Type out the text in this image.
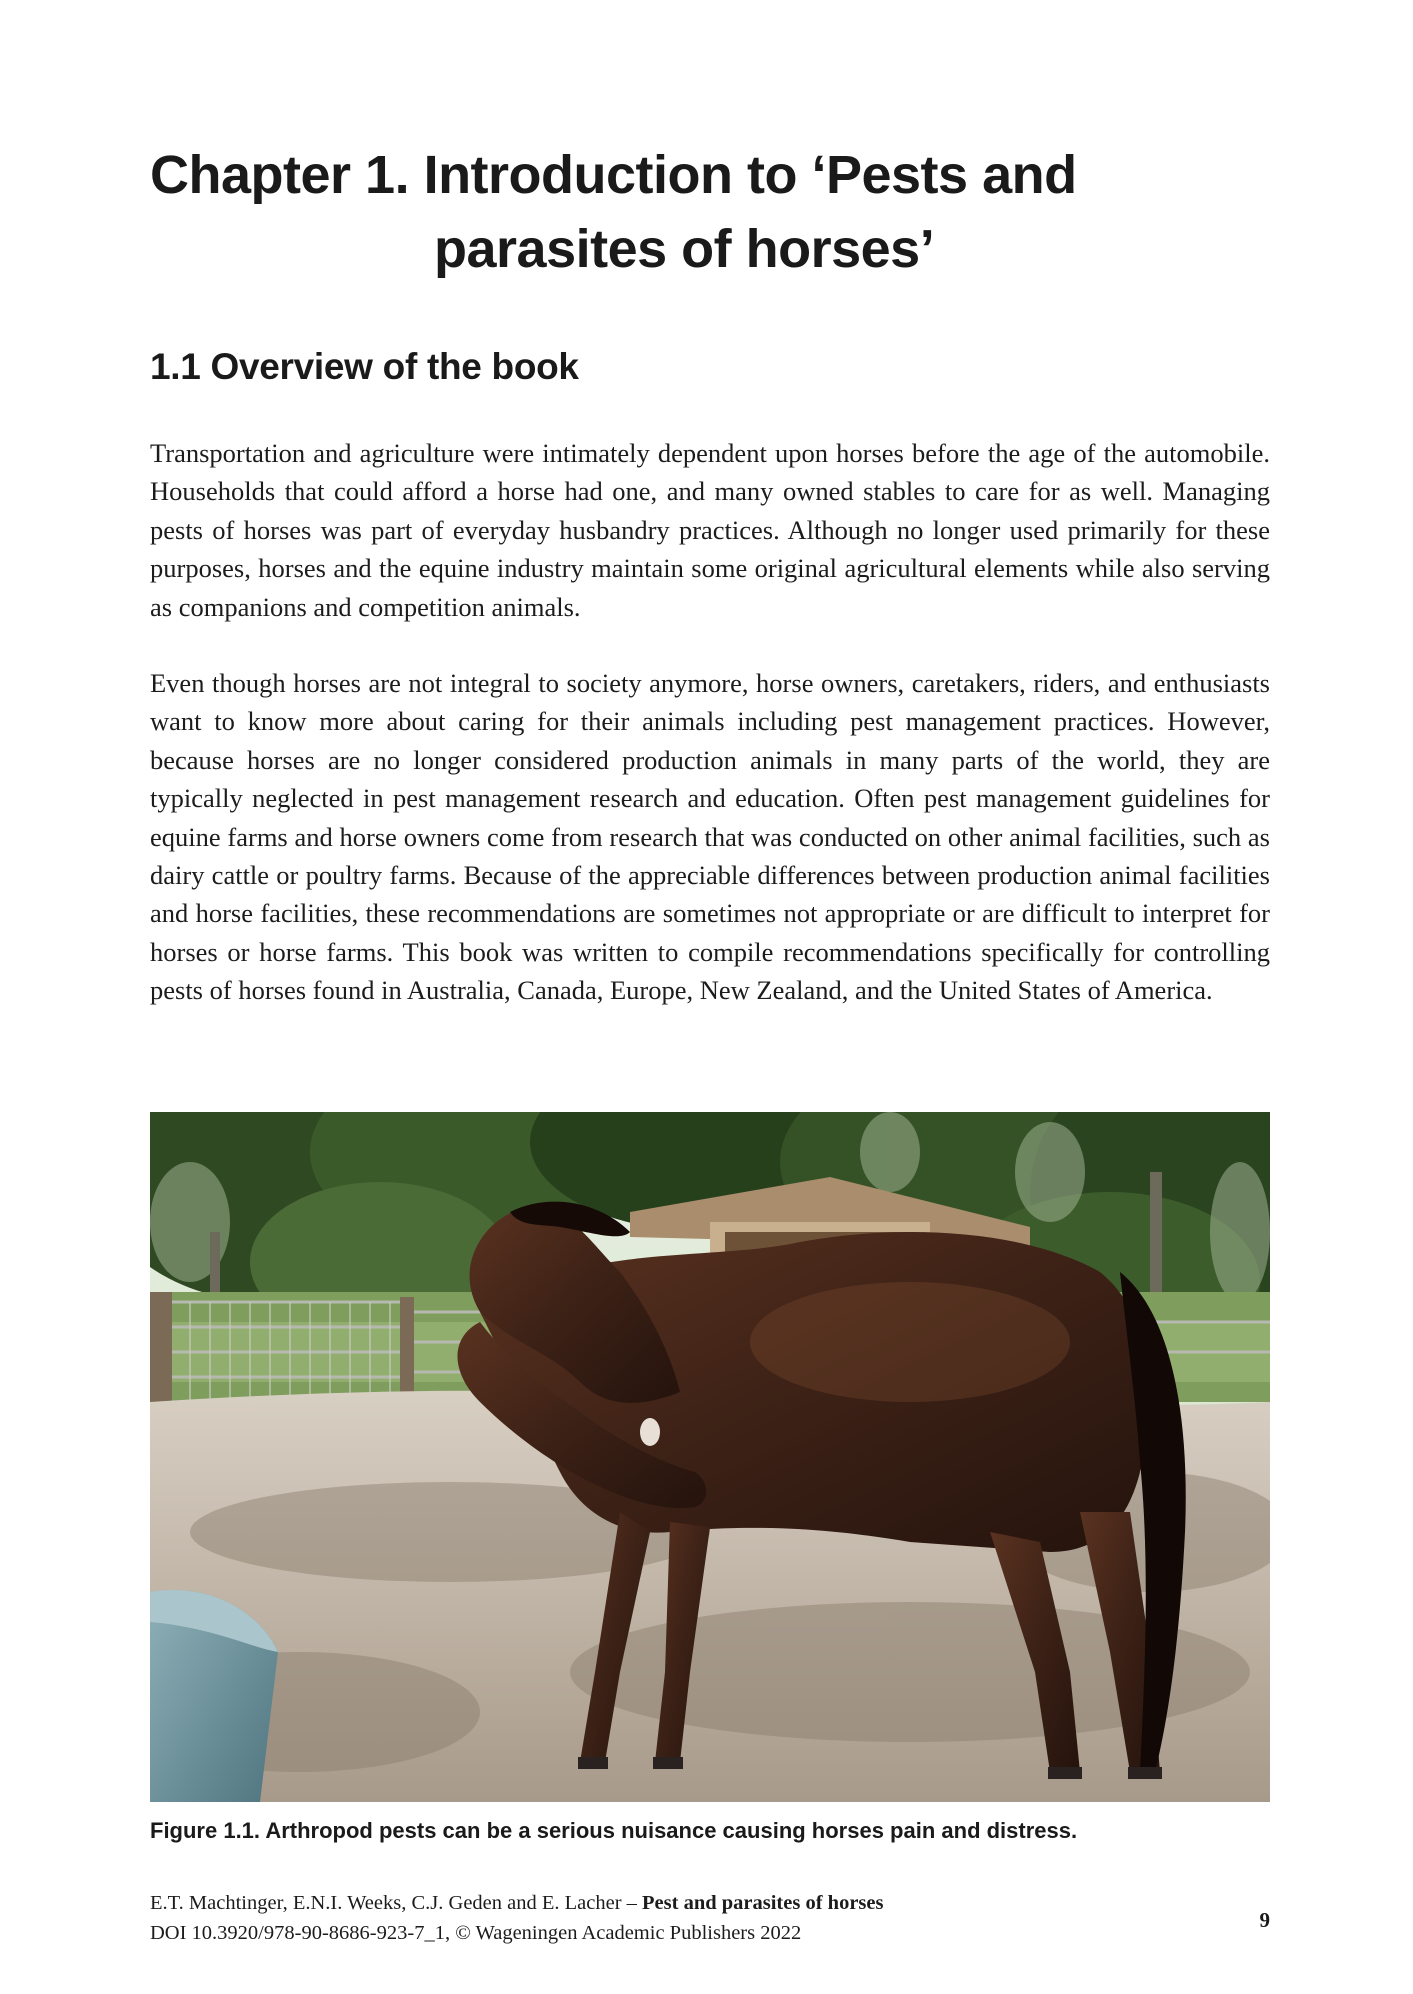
Chapter 1. Introduction to ‘Pests and
parasites of horses’
1.1 Overview of the book

Transportation and agriculture were intimately dependent upon horses before the age of the automobile. Households that could afford a horse had one, and many owned stables to care for as well. Managing pests of horses was part of everyday husbandry practices. Although no longer used primarily for these purposes, horses and the equine industry maintain some original agricultural elements while also serving as companions and competition animals.

Even though horses are not integral to society anymore, horse owners, caretakers, riders, and enthusiasts want to know more about caring for their animals including pest management practices. However, because horses are no longer considered production animals in many parts of the world, they are typically neglected in pest management research and education. Often pest management guidelines for equine farms and horse owners come from research that was conducted on other animal facilities, such as dairy cattle or poultry farms. Because of the appreciable differences between production animal facilities and horse facilities, these recommendations are sometimes not appropriate or are difficult to interpret for horses or horse farms. This book was written to compile recommendations specifically for controlling pests of horses found in Australia, Canada, Europe, New Zealand, and the United States of America.

Figure 1.1. Arthropod pests can be a serious nuisance causing horses pain and distress.

E.T. Machtinger, E.N.I. Weeks, C.J. Geden and E. Lacher – Pest and parasites of horses
DOI 10.3920/978-90-8686-923-7_1, © Wageningen Academic Publishers 2022
9
